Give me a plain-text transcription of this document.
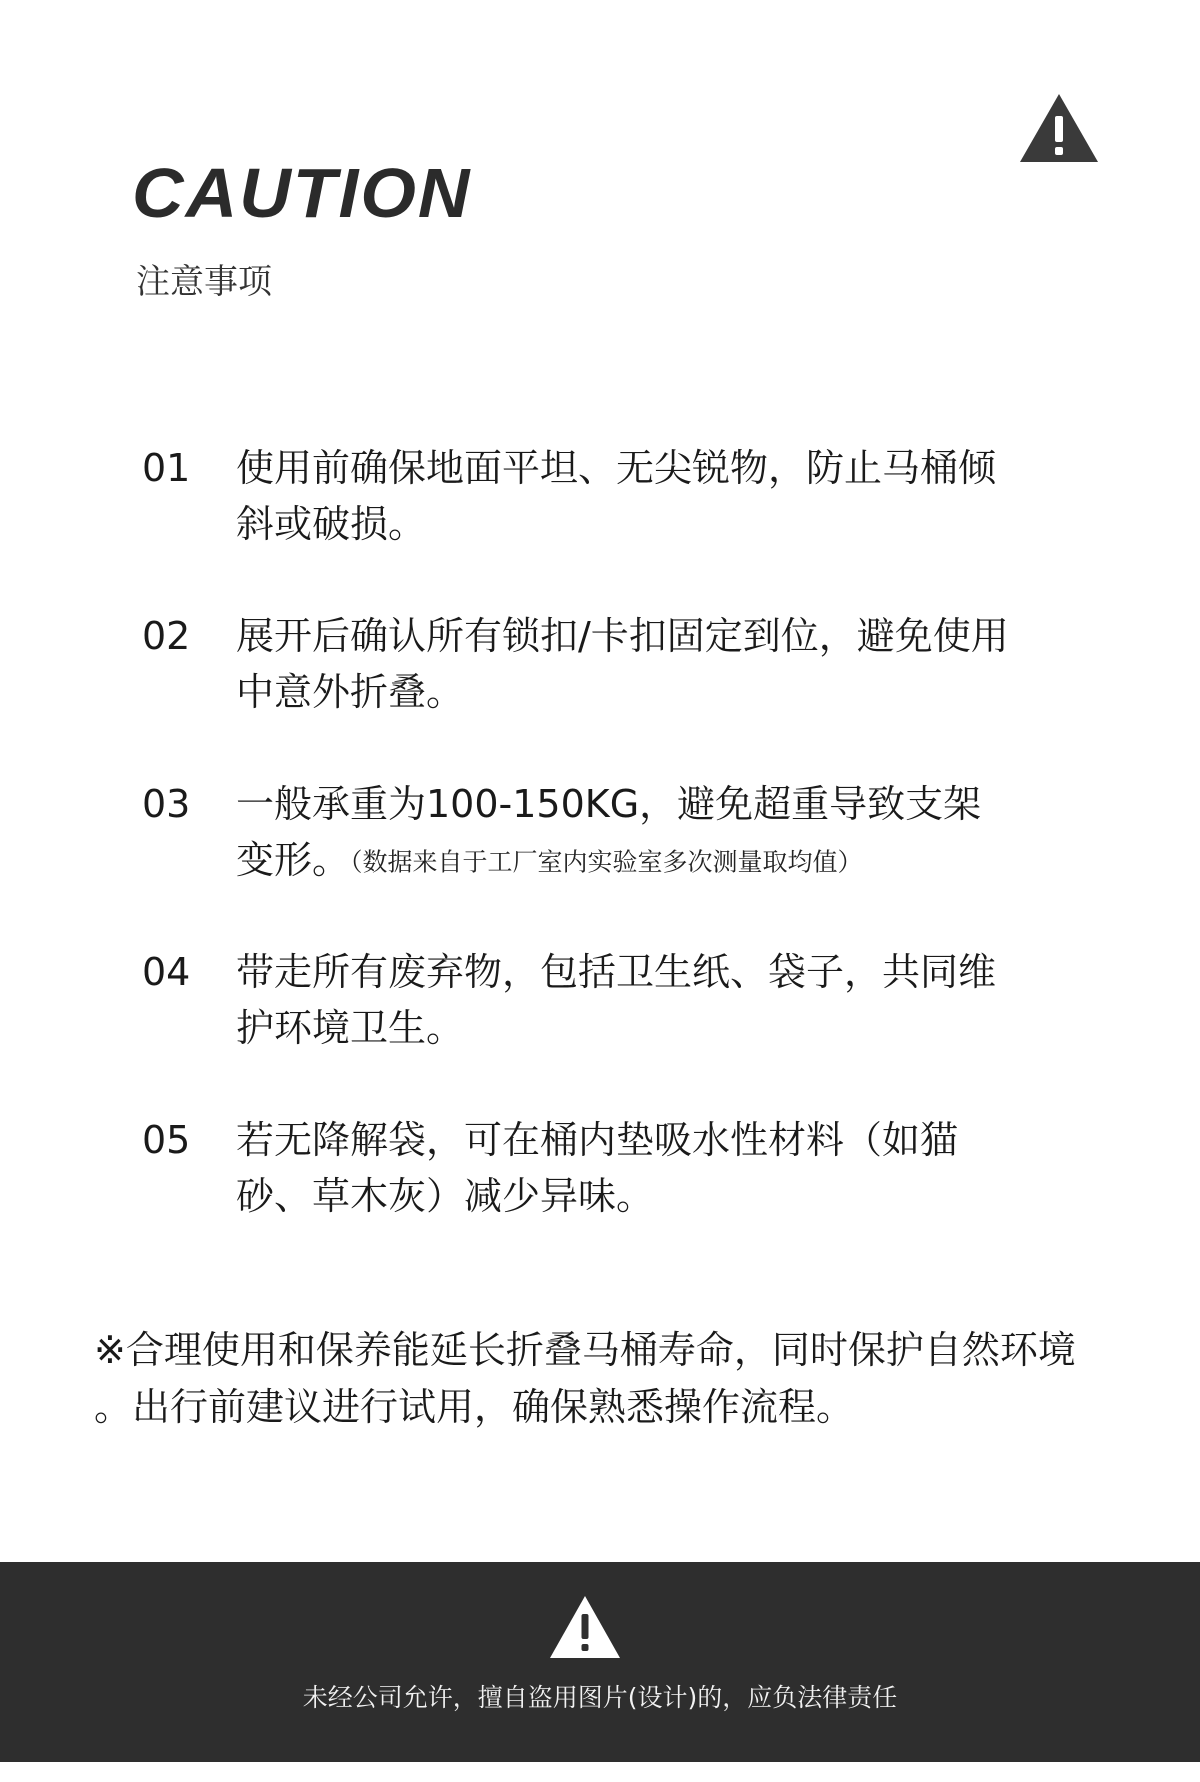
CAUTION
注意事项
01	使用前确保地面平坦、无尖锐物，防止马桶倾斜或破损。
02	展开后确认所有锁扣/卡扣固定到位，避免使用中意外折叠。
03	一般承重为100-150KG，避免超重导致支架变形。（数据来自于工厂室内实验室多次测量取均值）
04	带走所有废弃物，包括卫生纸、袋子，共同维护环境卫生。
05	若无降解袋，可在桶内垫吸水性材料（如猫砂、草木灰）减少异味。
※合理使用和保养能延长折叠马桶寿命，同时保护自然环境 。出行前建议进行试用，确保熟悉操作流程。
未经公司允许，擅自盗用图片(设计)的，应负法律责任
